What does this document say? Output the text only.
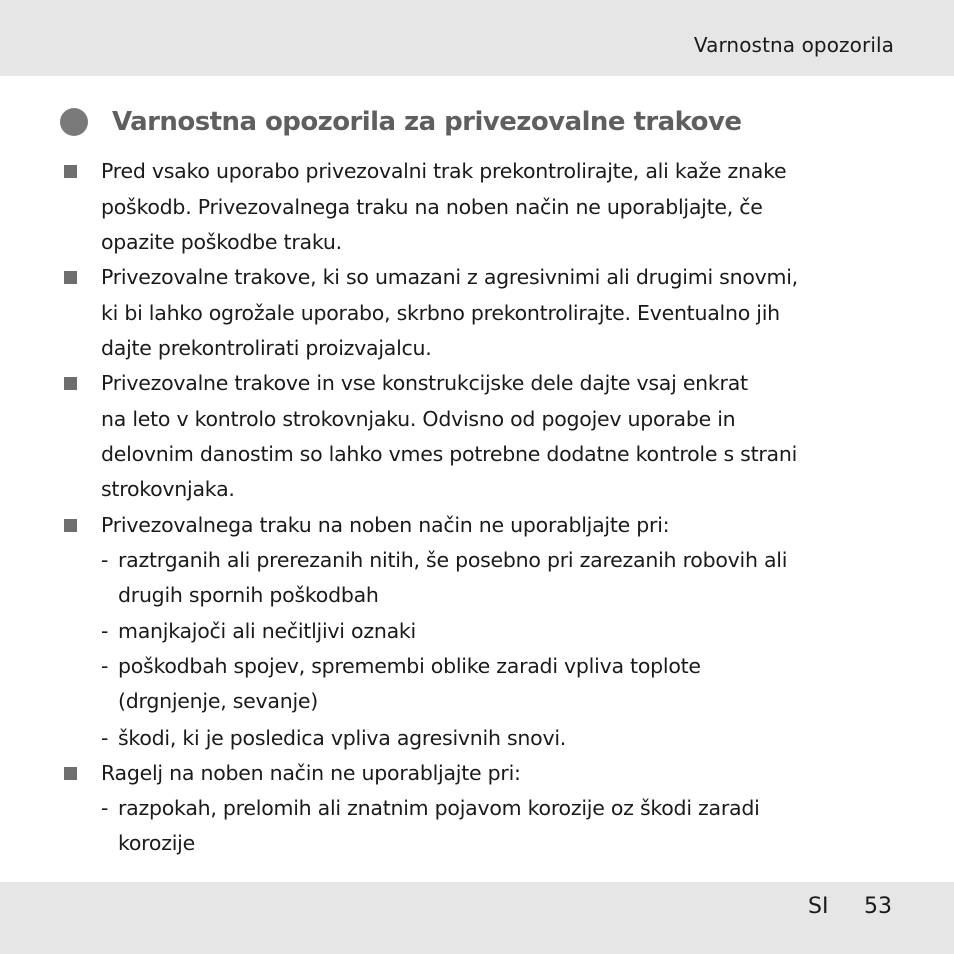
Varnostna opozorila
Varnostna opozorila za privezovalne trakove
Pred vsako uporabo privezovalni trak prekontrolirajte, ali kaže znake
poškodb. Privezovalnega traku na noben način ne uporabljajte, če
opazite poškodbe traku.
Privezovalne trakove, ki so umazani z agresivnimi ali drugimi snovmi,
ki bi lahko ogrožale uporabo, skrbno prekontrolirajte. Eventualno jih
dajte prekontrolirati proizvajalcu.
Privezovalne trakove in vse konstrukcijske dele dajte vsaj enkrat
na leto v kontrolo strokovnjaku. Odvisno od pogojev uporabe in
delovnim danostim so lahko vmes potrebne dodatne kontrole s strani
strokovnjaka.
Privezovalnega traku na noben način ne uporabljajte pri:
- raztrganih ali prerezanih nitih, še posebno pri zarezanih robovih ali
drugih spornih poškodbah
- manjkajoči ali nečitljivi oznaki
- poškodbah spojev, spremembi oblike zaradi vpliva toplote
(drgnjenje, sevanje)
- škodi, ki je posledica vpliva agresivnih snovi.
Ragelj na noben način ne uporabljajte pri:
- razpokah, prelomih ali znatnim pojavom korozije oz škodi zaradi
korozije
SI 53
